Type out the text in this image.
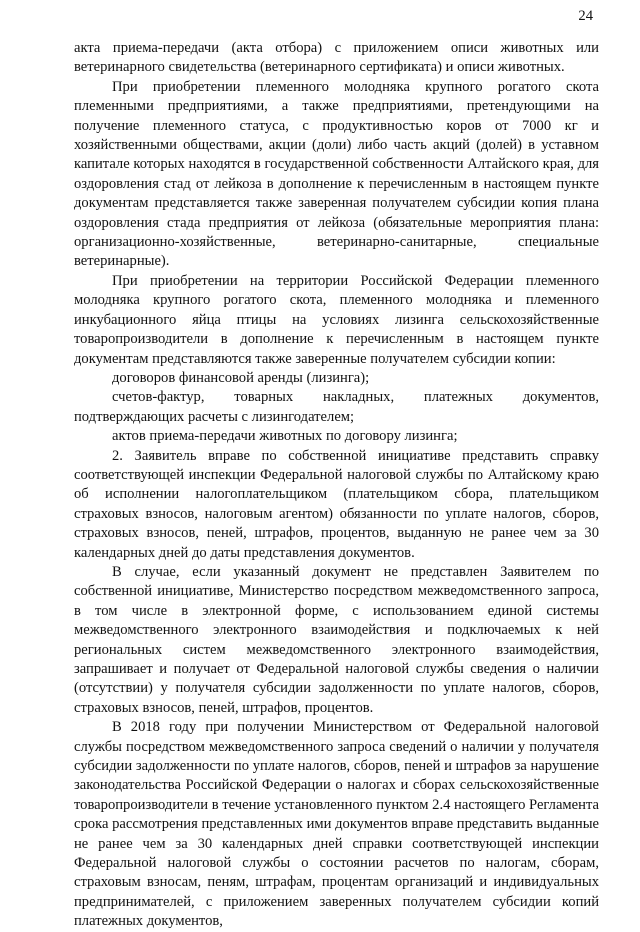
24

акта приема-передачи (акта отбора) с приложением описи животных или ветеринарного свидетельства (ветеринарного сертификата) и описи животных.

При приобретении племенного молодняка крупного рогатого скота племенными предприятиями, а также предприятиями, претендующими на получение племенного статуса, с продуктивностью коров от 7000 кг и хозяйственными обществами, акции (доли) либо часть акций (долей) в уставном капитале которых находятся в государственной собственности Алтайского края, для оздоровления стад от лейкоза в дополнение к перечисленным в настоящем пункте документам представляется также заверенная получателем субсидии копия плана оздоровления стада предприятия от лейкоза (обязательные мероприятия плана: организационно-хозяйственные, ветеринарно-санитарные, специальные ветеринарные).

При приобретении на территории Российской Федерации племенного молодняка крупного рогатого скота, племенного молодняка и племенного инкубационного яйца птицы на условиях лизинга сельскохозяйственные товаропроизводители в дополнение к перечисленным в настоящем пункте документам представляются также заверенные получателем субсидии копии:

договоров финансовой аренды (лизинга);

счетов-фактур, товарных накладных, платежных документов, подтверждающих расчеты с лизингодателем;

актов приема-передачи животных по договору лизинга;

2. Заявитель вправе по собственной инициативе представить справку соответствующей инспекции Федеральной налоговой службы по Алтайскому краю об исполнении налогоплательщиком (плательщиком сбора, плательщиком страховых взносов, налоговым агентом) обязанности по уплате налогов, сборов, страховых взносов, пеней, штрафов, процентов, выданную не ранее чем за 30 календарных дней до даты представления документов.

В случае, если указанный документ не представлен Заявителем по собственной инициативе, Министерство посредством межведомственного запроса, в том числе в электронной форме, с использованием единой системы межведомственного электронного взаимодействия и подключаемых к ней региональных систем межведомственного электронного взаимодействия, запрашивает и получает от Федеральной налоговой службы сведения о наличии (отсутствии) у получателя субсидии задолженности по уплате налогов, сборов, страховых взносов, пеней, штрафов, процентов.

В 2018 году при получении Министерством от Федеральной налоговой службы посредством межведомственного запроса сведений о наличии у получателя субсидии задолженности по уплате налогов, сборов, пеней и штрафов за нарушение законодательства Российской Федерации о налогах и сборах сельскохозяйственные товаропроизводители в течение установленного пунктом 2.4 настоящего Регламента срока рассмотрения представленных ими документов вправе представить выданные не ранее чем за 30 календарных дней справки соответствующей инспекции Федеральной налоговой службы о состоянии расчетов по налогам, сборам, страховым взносам, пеням, штрафам, процентам организаций и индивидуальных предпринимателей, с приложением заверенных получателем субсидии копий платежных документов,
